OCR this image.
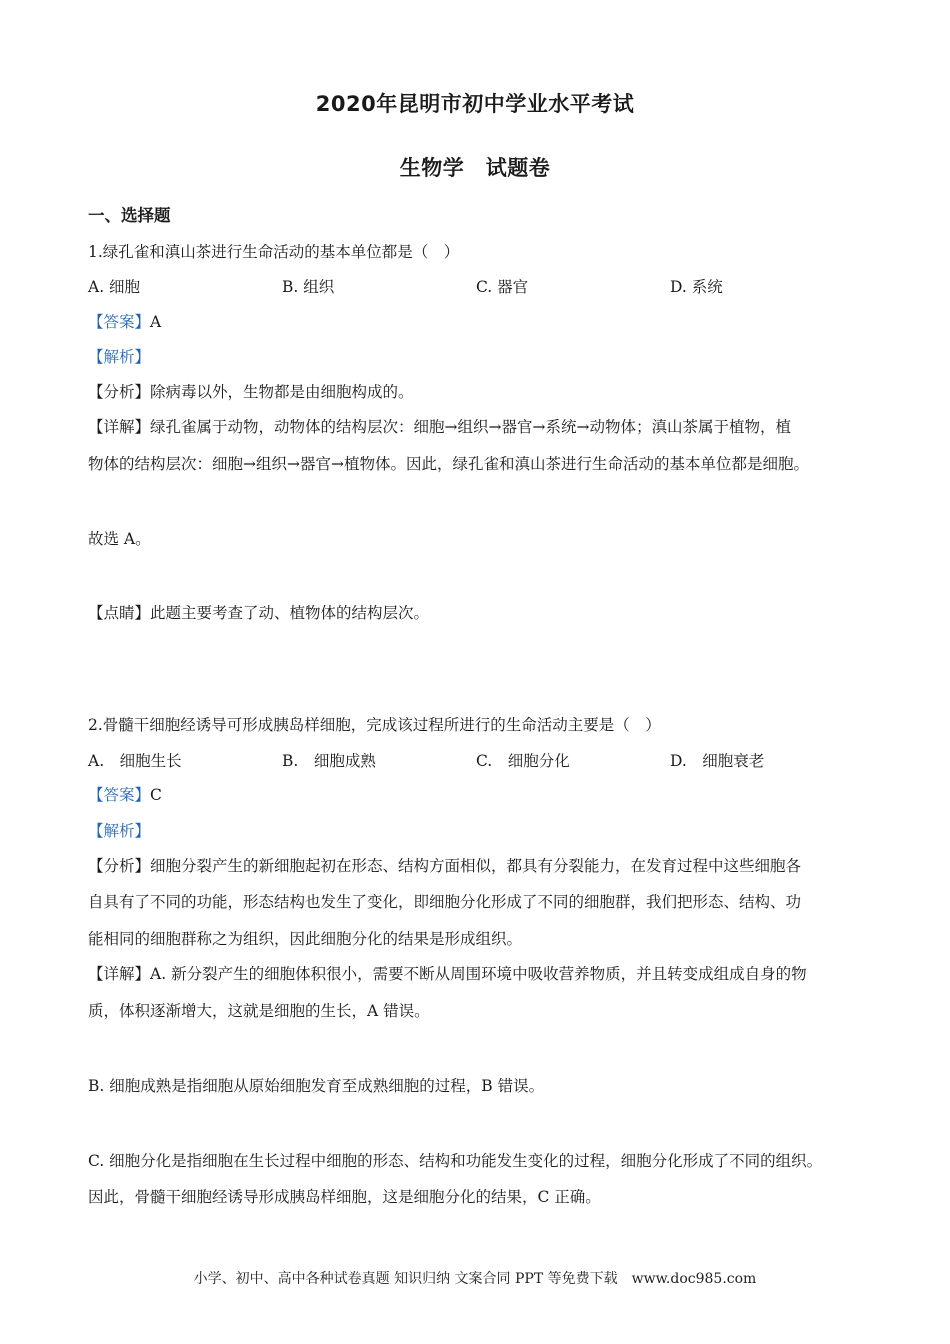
2020年昆明市初中学业水平考试
生物学　试题卷
一、选择题
1.绿孔雀和滇山茶进行生命活动的基本单位都是（　）
A. 细胞	B. 组织	C. 器官	D. 系统
【答案】A
【解析】
【分析】除病毒以外，生物都是由细胞构成的。
【详解】绿孔雀属于动物，动物体的结构层次：细胞→组织→器官→系统→动物体；滇山茶属于植物，植
物体的结构层次：细胞→组织→器官→植物体。因此，绿孔雀和滇山茶进行生命活动的基本单位都是细胞。
故选 A。
【点睛】此题主要考查了动、植物体的结构层次。
2.骨髓干细胞经诱导可形成胰岛样细胞，完成该过程所进行的生命活动主要是（　）
A.　细胞生长	B.　细胞成熟	C.　细胞分化	D.　细胞衰老
【答案】C
【解析】
【分析】细胞分裂产生的新细胞起初在形态、结构方面相似，都具有分裂能力，在发育过程中这些细胞各
自具有了不同的功能，形态结构也发生了变化，即细胞分化形成了不同的细胞群，我们把形态、结构、功
能相同的细胞群称之为组织，因此细胞分化的结果是形成组织。
【详解】A. 新分裂产生的细胞体积很小，需要不断从周围环境中吸收营养物质，并且转变成组成自身的物
质，体积逐渐增大，这就是细胞的生长，A 错误。
B. 细胞成熟是指细胞从原始细胞发育至成熟细胞的过程，B 错误。
C. 细胞分化是指细胞在生长过程中细胞的形态、结构和功能发生变化的过程，细胞分化形成了不同的组织。
因此，骨髓干细胞经诱导形成胰岛样细胞，这是细胞分化的结果，C 正确。
小学、初中、高中各种试卷真题 知识归纳 文案合同 PPT 等免费下载　www.doc985.com
